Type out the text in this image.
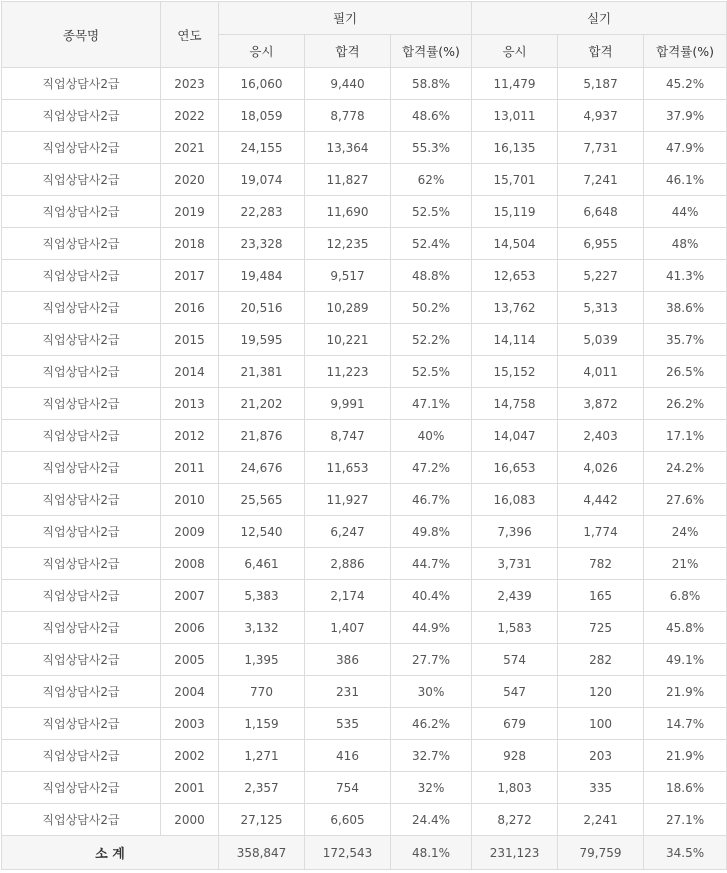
종목명	연도	필기			실기		
		응시	합격	합격률(%)	응시	합격	합격률(%)
직업상담사2급	2023	16,060	9,440	58.8%	11,479	5,187	45.2%
직업상담사2급	2022	18,059	8,778	48.6%	13,011	4,937	37.9%
직업상담사2급	2021	24,155	13,364	55.3%	16,135	7,731	47.9%
직업상담사2급	2020	19,074	11,827	62%	15,701	7,241	46.1%
직업상담사2급	2019	22,283	11,690	52.5%	15,119	6,648	44%
직업상담사2급	2018	23,328	12,235	52.4%	14,504	6,955	48%
직업상담사2급	2017	19,484	9,517	48.8%	12,653	5,227	41.3%
직업상담사2급	2016	20,516	10,289	50.2%	13,762	5,313	38.6%
직업상담사2급	2015	19,595	10,221	52.2%	14,114	5,039	35.7%
직업상담사2급	2014	21,381	11,223	52.5%	15,152	4,011	26.5%
직업상담사2급	2013	21,202	9,991	47.1%	14,758	3,872	26.2%
직업상담사2급	2012	21,876	8,747	40%	14,047	2,403	17.1%
직업상담사2급	2011	24,676	11,653	47.2%	16,653	4,026	24.2%
직업상담사2급	2010	25,565	11,927	46.7%	16,083	4,442	27.6%
직업상담사2급	2009	12,540	6,247	49.8%	7,396	1,774	24%
직업상담사2급	2008	6,461	2,886	44.7%	3,731	782	21%
직업상담사2급	2007	5,383	2,174	40.4%	2,439	165	6.8%
직업상담사2급	2006	3,132	1,407	44.9%	1,583	725	45.8%
직업상담사2급	2005	1,395	386	27.7%	574	282	49.1%
직업상담사2급	2004	770	231	30%	547	120	21.9%
직업상담사2급	2003	1,159	535	46.2%	679	100	14.7%
직업상담사2급	2002	1,271	416	32.7%	928	203	21.9%
직업상담사2급	2001	2,357	754	32%	1,803	335	18.6%
직업상담사2급	2000	27,125	6,605	24.4%	8,272	2,241	27.1%
소 계		358,847	172,543	48.1%	231,123	79,759	34.5%
